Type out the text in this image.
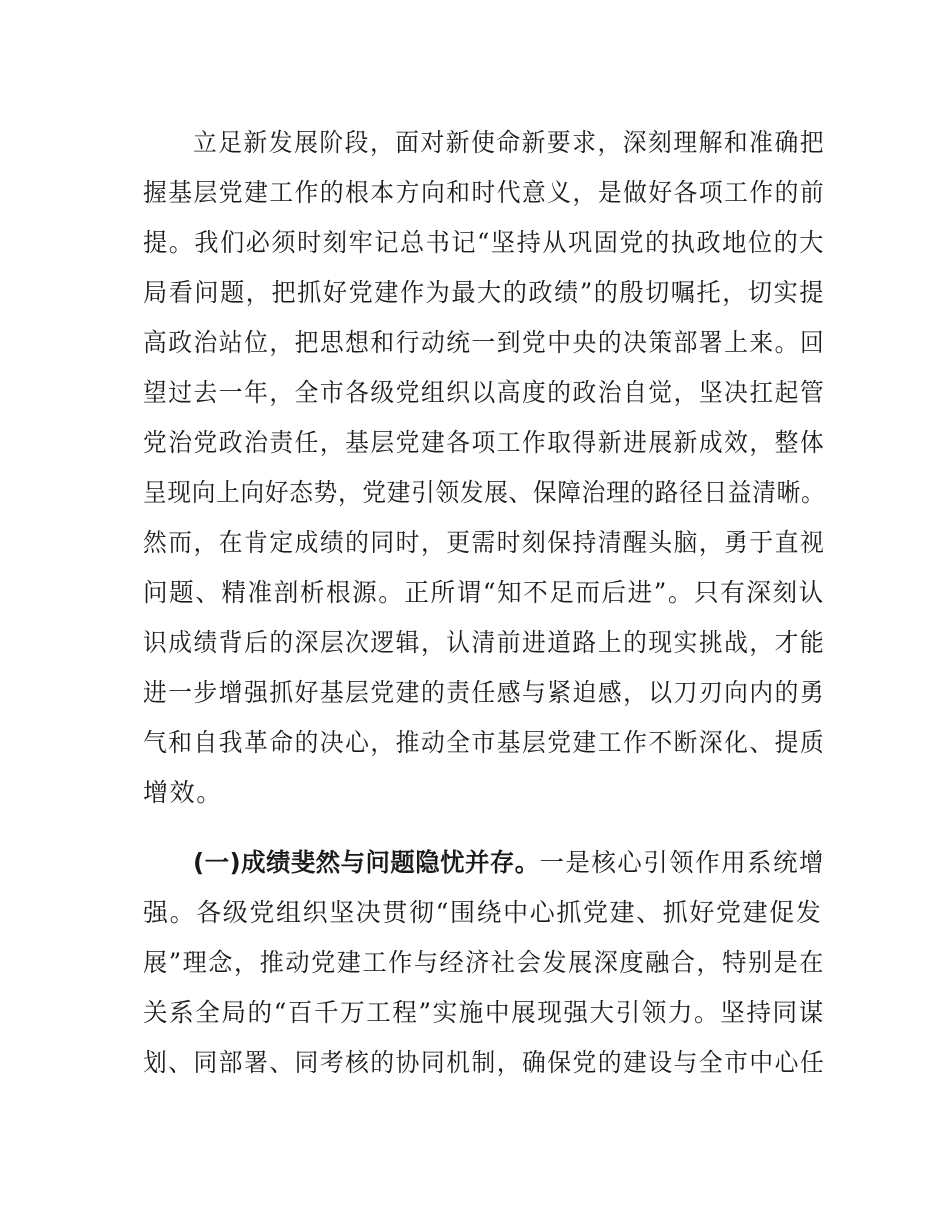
立足新发展阶段，面对新使命新要求，深刻理解和准确把
握基层党建工作的根本方向和时代意义，是做好各项工作的前
提。我们必须时刻牢记总书记“坚持从巩固党的执政地位的大
局看问题，把抓好党建作为最大的政绩”的殷切嘱托，切实提
高政治站位，把思想和行动统一到党中央的决策部署上来。回
望过去一年，全市各级党组织以高度的政治自觉，坚决扛起管
党治党政治责任，基层党建各项工作取得新进展新成效，整体
呈现向上向好态势，党建引领发展、保障治理的路径日益清晰。
然而，在肯定成绩的同时，更需时刻保持清醒头脑，勇于直视
问题、精准剖析根源。正所谓“知不足而后进”。只有深刻认
识成绩背后的深层次逻辑，认清前进道路上的现实挑战，才能
进一步增强抓好基层党建的责任感与紧迫感，以刀刃向内的勇
气和自我革命的决心，推动全市基层党建工作不断深化、提质
增效。
(一)成绩斐然与问题隐忧并存。一是核心引领作用系统增
强。各级党组织坚决贯彻“围绕中心抓党建、抓好党建促发
展”理念，推动党建工作与经济社会发展深度融合，特别是在
关系全局的“百千万工程”实施中展现强大引领力。坚持同谋
划、同部署、同考核的协同机制，确保党的建设与全市中心任
